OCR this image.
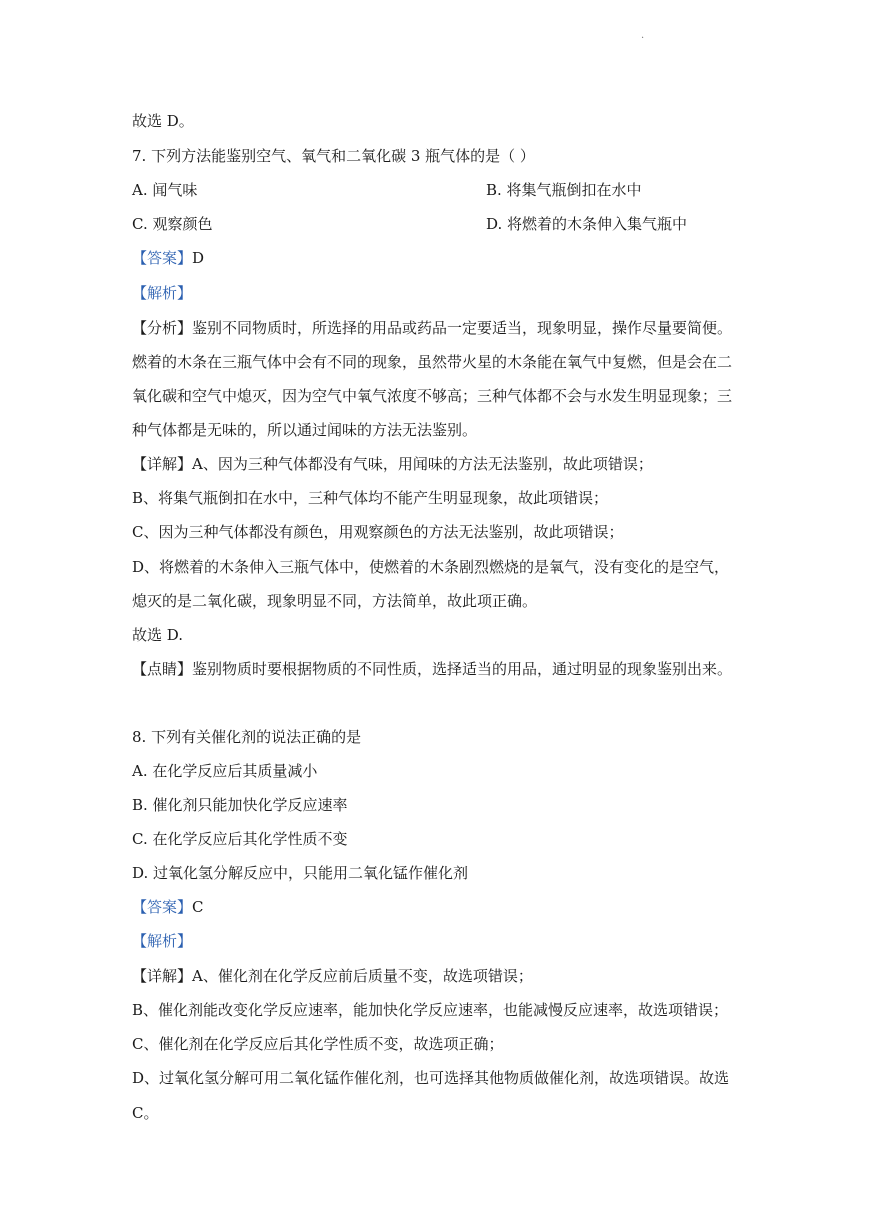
.
故选 D。
7. 下列方法能鉴别空气、氧气和二氧化碳 3 瓶气体的是（ ）
A. 闻气味	B. 将集气瓶倒扣在水中
C. 观察颜色	D. 将燃着的木条伸入集气瓶中
【答案】D
【解析】
【分析】鉴别不同物质时，所选择的用品或药品一定要适当，现象明显，操作尽量要简便。
燃着的木条在三瓶气体中会有不同的现象，虽然带火星的木条能在氧气中复燃，但是会在二
氧化碳和空气中熄灭，因为空气中氧气浓度不够高；三种气体都不会与水发生明显现象；三
种气体都是无味的，所以通过闻味的方法无法鉴别。
【详解】A、因为三种气体都没有气味，用闻味的方法无法鉴别，故此项错误；
B、将集气瓶倒扣在水中，三种气体均不能产生明显现象，故此项错误；
C、因为三种气体都没有颜色，用观察颜色的方法无法鉴别，故此项错误；
D、将燃着的木条伸入三瓶气体中，使燃着的木条剧烈燃烧的是氧气，没有变化的是空气，
熄灭的是二氧化碳，现象明显不同，方法简单，故此项正确。
故选 D.
【点睛】鉴别物质时要根据物质的不同性质，选择适当的用品，通过明显的现象鉴别出来。
8. 下列有关催化剂的说法正确的是
A. 在化学反应后其质量减小
B. 催化剂只能加快化学反应速率
C. 在化学反应后其化学性质不变
D. 过氧化氢分解反应中，只能用二氧化锰作催化剂
【答案】C
【解析】
【详解】A、催化剂在化学反应前后质量不变，故选项错误；
B、催化剂能改变化学反应速率，能加快化学反应速率，也能减慢反应速率，故选项错误；
C、催化剂在化学反应后其化学性质不变，故选项正确；
D、过氧化氢分解可用二氧化锰作催化剂，也可选择其他物质做催化剂，故选项错误。故选
C。
